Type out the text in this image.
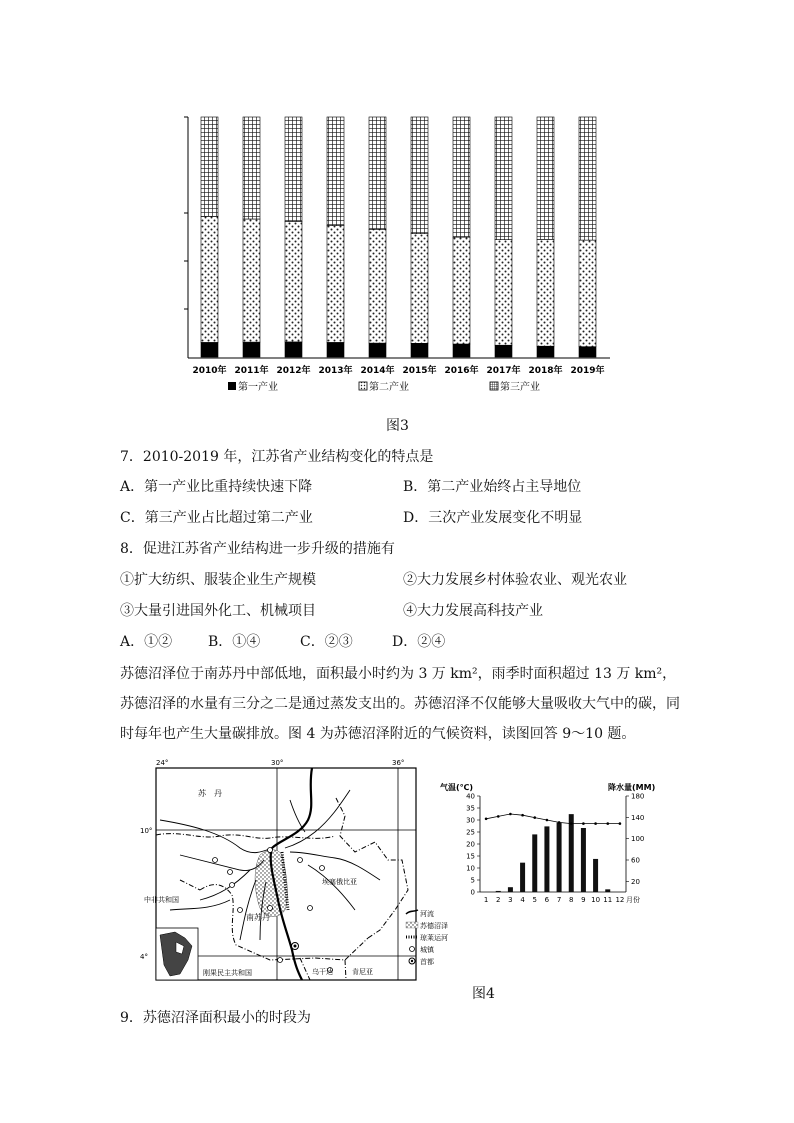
2010年 2011年 2012年 2013年 2014年 2015年 2016年 2017年 2018年 2019年
第一产业	第二产业	第三产业
图3
7．2010-2019 年，江苏省产业结构变化的特点是
A．第一产业比重持续快速下降	B．第二产业始终占主导地位
C．第三产业占比超过第二产业	D．三次产业发展变化不明显
8．促进江苏省产业结构进一步升级的措施有
①扩大纺织、服装企业生产规模	②大力发展乡村体验农业、观光农业
③大量引进国外化工、机械项目	④大力发展高科技产业
A．①②	B．①④	C．②③	D．②④
苏德沼泽位于南苏丹中部低地，面积最小时约为 3 万 km²，雨季时面积超过 13 万 km²，苏德沼泽的水量有三分之二是通过蒸发支出的。苏德沼泽不仅能够大量吸收大气中的碳，同时每年也产生大量碳排放。图 4 为苏德沼泽附近的气候资料，读图回答 9～10 题。
24°	30°	36°
10°
4°
苏　丹
中非共和国
南苏丹
埃塞俄比亚
刚果民主共和国	乌干达	肯尼亚
河流
苏德沼泽
琼莱运河
城镇
首都
气温(℃)	降水量(MM)
0
5
10
15
20
25
30
35
40
20
60
100
140
180
1 2 3 4 5 6 7 8 9 10 11 12 月份
图4
9．苏德沼泽面积最小的时段为
